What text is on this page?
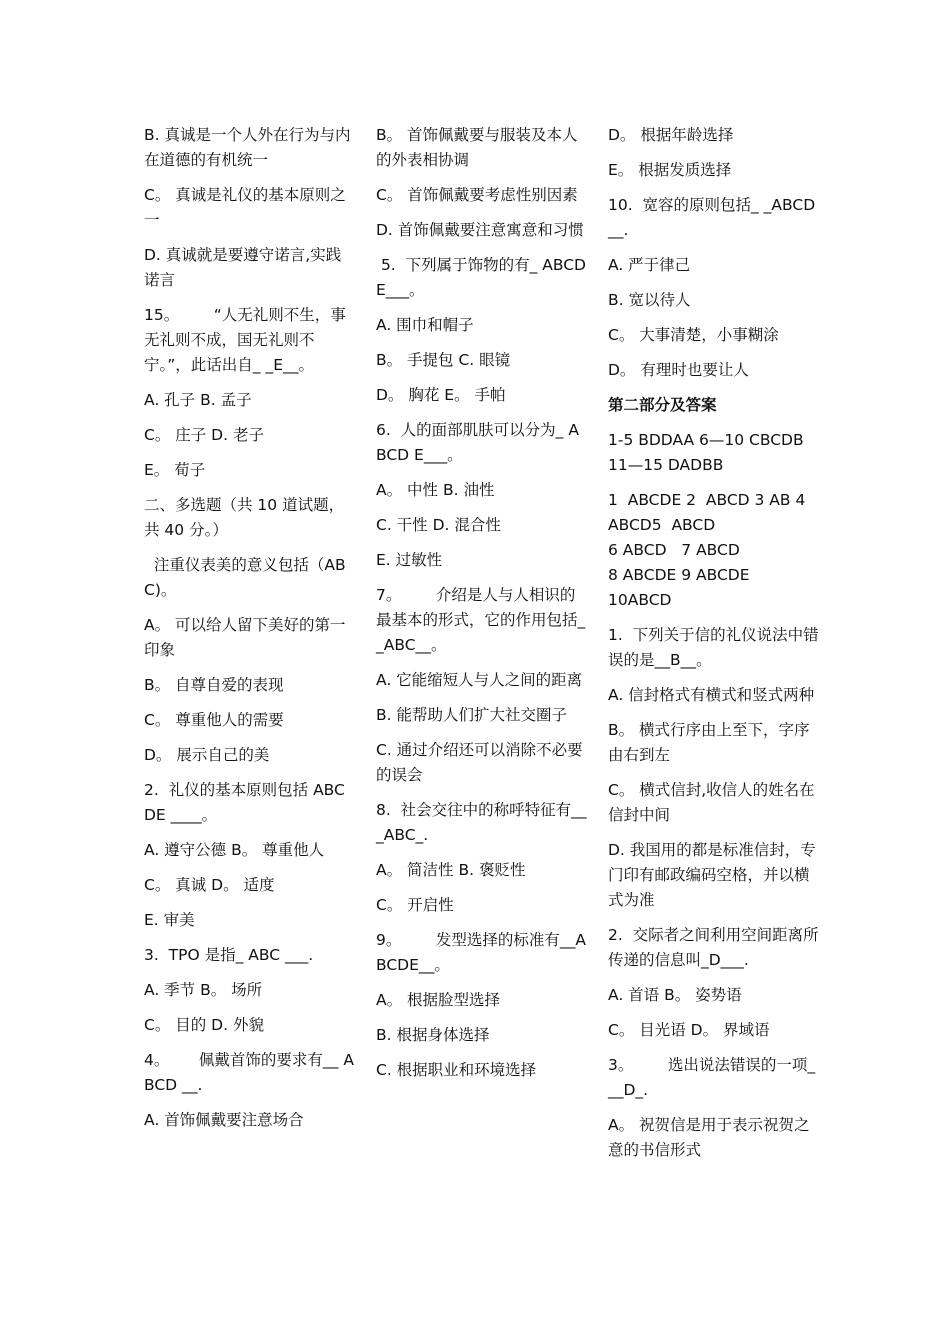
B. 真诚是一个人外在行为与内在道德的有机统一

C。 真诚是礼仪的基本原则之一

D. 真诚就是要遵守诺言,实践诺言

15。       “人无礼则不生，事无礼则不成，国无礼则不宁。”，此话出自_ _E__。

A. 孔子 B. 孟子

C。 庄子 D. 老子

E。 荀子

二、多选题（共 10 道试题，共 40 分。）

注重仪表美的意义包括（ABC)。

A。 可以给人留下美好的第一印象

B。 自尊自爱的表现

C。 尊重他人的需要

D。 展示自己的美

2.  礼仪的基本原则包括 ABCDE ____。

A. 遵守公德 B。 尊重他人

C。 真诚 D。 适度

E. 审美

3.  TPO 是指_ ABC ___.

A. 季节 B。 场所

C。 目的 D. 外貌

4。      佩戴首饰的要求有__ ABCD __.

A. 首饰佩戴要注意场合

B。 首饰佩戴要与服装及本人的外表相协调

C。 首饰佩戴要考虑性别因素

D. 首饰佩戴要注意寓意和习惯

5.  下列属于饰物的有_ ABCD E___。

A. 围巾和帽子

B。 手提包 C. 眼镜

D。 胸花 E。 手帕

6.  人的面部肌肤可以分为_ ABCD E___。

A。 中性 B. 油性

C. 干性 D. 混合性

E. 过敏性

7。       介绍是人与人相识的最基本的形式，它的作用包括__ABC__。

A. 它能缩短人与人之间的距离

B. 能帮助人们扩大社交圈子

C. 通过介绍还可以消除不必要的误会

8.  社会交往中的称呼特征有___ABC_.

A。 简洁性 B. 褒贬性

C。 开启性

9。       发型选择的标准有__ABCDE__。

A。 根据脸型选择

B. 根据身体选择

C. 根据职业和环境选择

D。 根据年龄选择

E。 根据发质选择

10.  宽容的原则包括_ _ABCD__.

A. 严于律己

B. 宽以待人

C。 大事清楚，小事糊涂

D。 有理时也要让人

第二部分及答案

1-5 BDDAA 6—10 CBCDB  11—15 DADBB

1  ABCDE 2  ABCD 3 AB 4  ABCD5  ABCD
6 ABCD   7 ABCD
8 ABCDE 9 ABCDE
10ABCD

1.  下列关于信的礼仪说法中错误的是__B__。

A. 信封格式有横式和竖式两种

B。 横式行序由上至下，字序由右到左

C。 横式信封,收信人的姓名在信封中间

D. 我国用的都是标准信封，专门印有邮政编码空格，并以横式为准

2.  交际者之间利用空间距离所传递的信息叫_D___.

A. 首语 B。 姿势语

C。 目光语 D。 界域语

3。       选出说法错误的一项___D_.

A。 祝贺信是用于表示祝贺之意的书信形式
